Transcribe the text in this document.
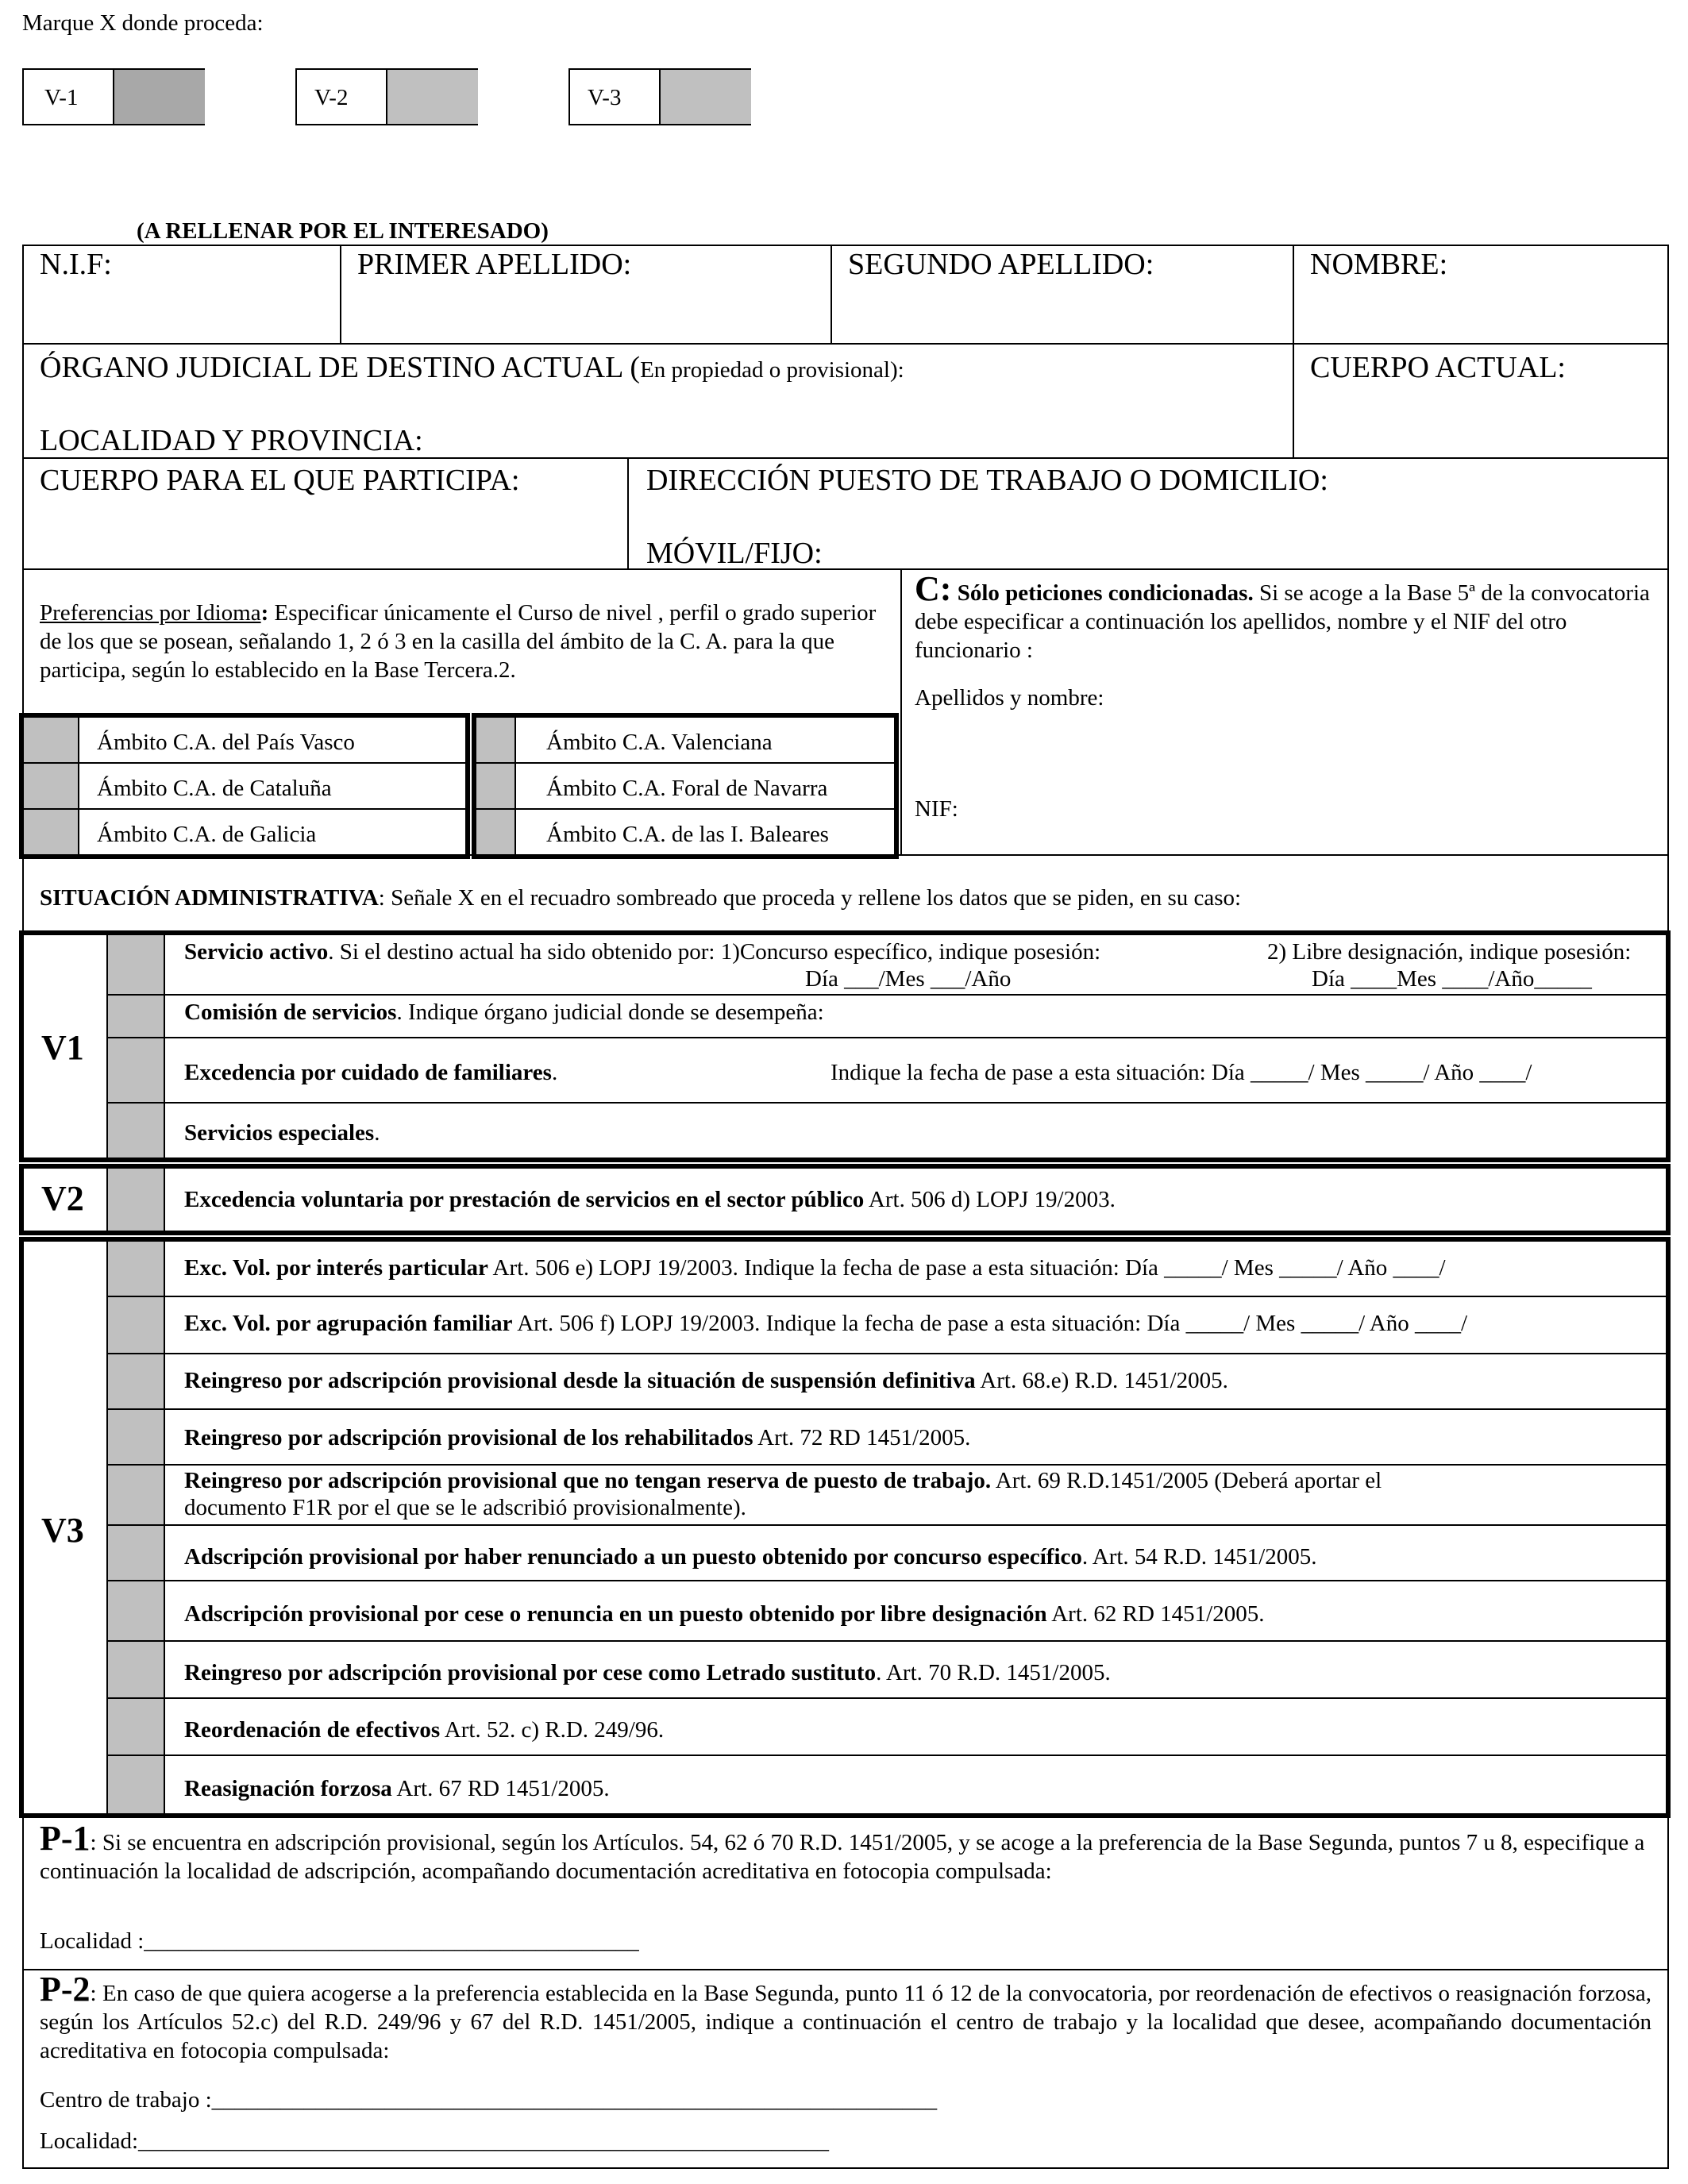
Marque X donde proceda:
V-1	V-2	V-3
(A RELLENAR POR EL INTERESADO)
N.I.F:	PRIMER APELLIDO:	SEGUNDO APELLIDO:	NOMBRE:
ÓRGANO JUDICIAL DE DESTINO ACTUAL (En propiedad o provisional):	CUERPO ACTUAL:
LOCALIDAD Y PROVINCIA:
CUERPO PARA EL QUE PARTICIPA:	DIRECCIÓN PUESTO DE TRABAJO O DOMICILIO:
MÓVIL/FIJO:
Preferencias por Idioma: Especificar únicamente el Curso de nivel , perfil o grado superior de los que se posean, señalando 1, 2 ó 3 en la casilla del ámbito de la C. A. para la que participa, según lo establecido en la Base Tercera.2.
Ámbito C.A. del País Vasco
Ámbito C.A. de Cataluña
Ámbito C.A. de Galicia
Ámbito C.A. Valenciana
Ámbito C.A. Foral de Navarra
Ámbito C.A. de las I. Baleares
C: Sólo peticiones condicionadas. Si se acoge a la Base 5ª de la convocatoria debe especificar a continuación los apellidos, nombre y el NIF del otro funcionario :
Apellidos y nombre:
NIF:
SITUACIÓN ADMINISTRATIVA: Señale X en el recuadro sombreado que proceda y rellene los datos que se piden, en su caso:
V1
Servicio activo. Si el destino actual ha sido obtenido por: 1)Concurso específico, indique posesión:	2) Libre designación, indique posesión:
Día ___/Mes ___/Año	Día ____Mes ____/Año_____
Comisión de servicios. Indique órgano judicial donde se desempeña:
Excedencia por cuidado de familiares.	Indique la fecha de pase a esta situación: Día _____/ Mes _____/ Año ____/
Servicios especiales.
V2	Excedencia voluntaria por prestación de servicios en el sector público Art. 506 d) LOPJ 19/2003.
V3
Exc. Vol. por interés particular Art. 506 e) LOPJ 19/2003. Indique la fecha de pase a esta situación: Día _____/ Mes _____/ Año ____/
Exc. Vol. por agrupación familiar Art. 506 f) LOPJ 19/2003. Indique la fecha de pase a esta situación: Día _____/ Mes _____/ Año ____/
Reingreso por adscripción provisional desde la situación de suspensión definitiva Art. 68.e) R.D. 1451/2005.
Reingreso por adscripción provisional de los rehabilitados Art. 72 RD 1451/2005.
Reingreso por adscripción provisional que no tengan reserva de puesto de trabajo. Art. 69 R.D.1451/2005 (Deberá aportar el
documento F1R por el que se le adscribió provisionalmente).
Adscripción provisional por haber renunciado a un puesto obtenido por concurso específico. Art. 54 R.D. 1451/2005.
Adscripción provisional por cese o renuncia en un puesto obtenido por libre designación Art. 62 RD 1451/2005.
Reingreso por adscripción provisional por cese como Letrado sustituto. Art. 70 R.D. 1451/2005.
Reordenación de efectivos Art. 52. c) R.D. 249/96.
Reasignación forzosa Art. 67 RD 1451/2005.
P-1: Si se encuentra en adscripción provisional, según los Artículos. 54, 62 ó 70 R.D. 1451/2005, y se acoge a la preferencia de la Base Segunda, puntos 7 u 8, especifique a continuación la localidad de adscripción, acompañando documentación acreditativa en fotocopia compulsada:
Localidad :___________________________________________
P-2: En caso de que quiera acogerse a la preferencia establecida en la Base Segunda, punto 11 ó 12 de la convocatoria, por reordenación de efectivos o reasignación forzosa, según los Artículos 52.c) del R.D. 249/96 y 67 del R.D. 1451/2005, indique a continuación el centro de trabajo y la localidad que desee, acompañando documentación acreditativa en fotocopia compulsada:
Centro de trabajo :_______________________________________________________________
Localidad:____________________________________________________________
